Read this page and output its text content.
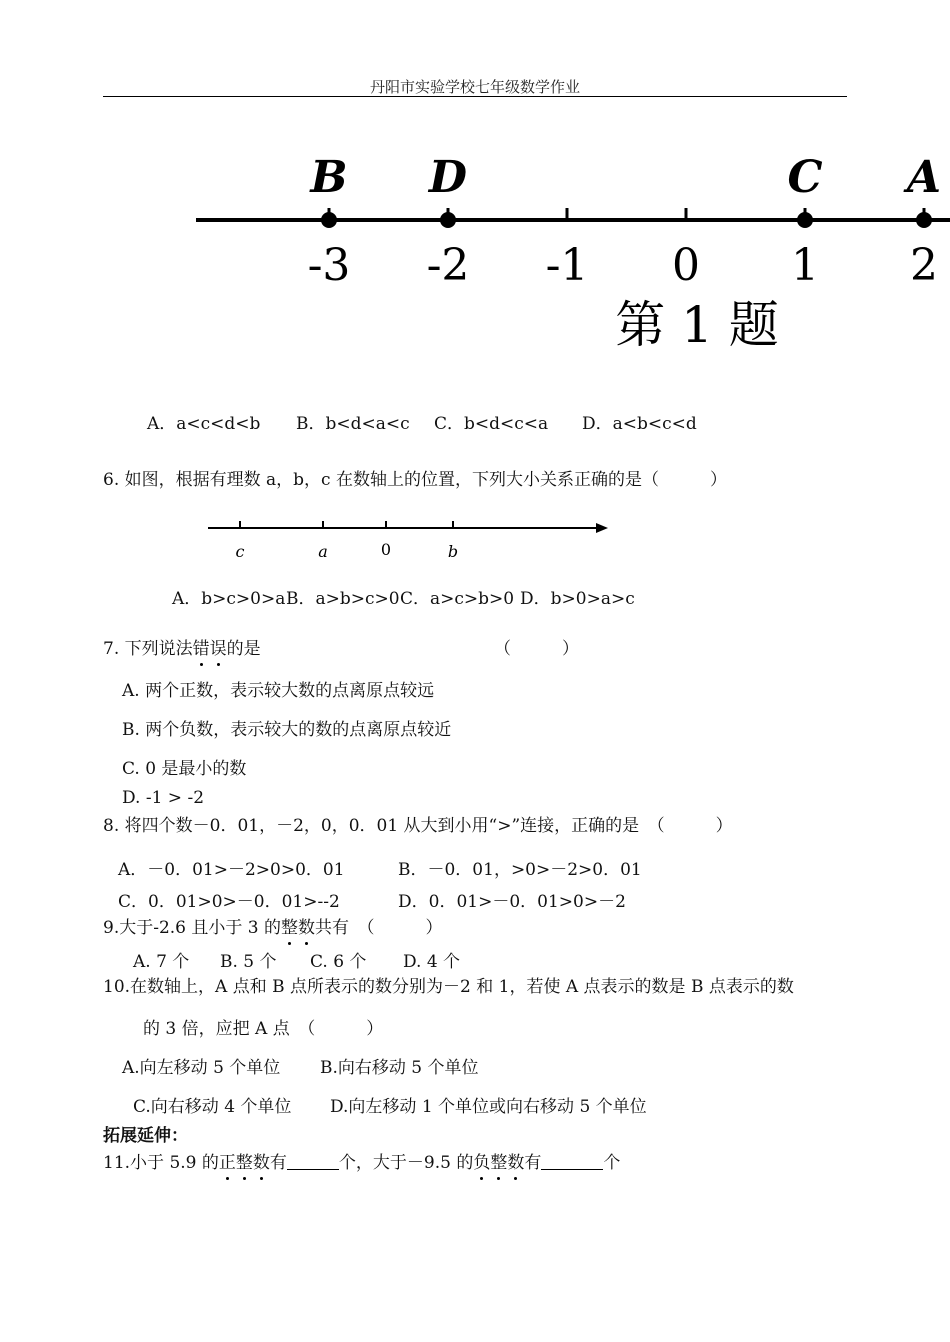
丹阳市实验学校七年级数学作业
-3 -2 -1 0 1 2
B D	C A
第 1 题
A．a<c<d<b B．b<d<a<c C．b<d<c<a D．a<b<c<d
6. 如图，根据有理数 a，b，c 在数轴上的位置，下列大小关系正确的是（　　　）
c	a	0	b
A．b>c>0>a B．a>b>c>0 C．a>c>b>0 D．b>0>a>c
7. 下列说法错误的是	（　　　）
A. 两个正数，表示较大数的点离原点较远
B. 两个负数，表示较大的数的点离原点较近
C. 0 是最小的数
D. -1 > -2
8. 将四个数－0．01，－2，0，0．01 从大到小用“>”连接，正确的是　（　　　）
A．－0．01>－2>0>0．01	B．－0．01，>0>－2>0．01
C．0．01>0>－0．01>--2	D．0．01>－0．01>0>－2
9.大于-2.6 且小于 3 的整数共有　（　　　）
A. 7 个 B. 5 个 C. 6 个 D. 4 个
10.在数轴上，A 点和 B 点所表示的数分别为－2 和 1，若使 A 点表示的数是 B 点表示的数
的 3 倍，应把 A 点　（　　　）
A.向左移动 5 个单位 B.向右移动 5 个单位
C.向右移动 4 个单位 D.向左移动 1 个单位或向右移动 5 个单位
拓展延伸：
11.小于 5.9 的正整数有	个，大于－9.5 的负整数有	个
